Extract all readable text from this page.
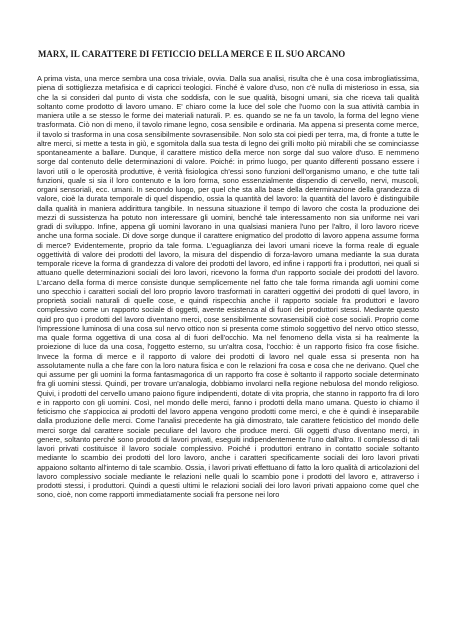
MARX, IL CARATTERE DI FETICCIO DELLA MERCE E IL SUO ARCANO

A prima vista, una merce sembra una cosa triviale, ovvia. Dalla sua analisi, risulta che è una cosa imbrogliatissima, piena di sottigliezza metafisica e di capricci teologici. Finché è valore d'uso, non c'è nulla di misterioso in essa, sia che la si consideri dal punto di vista che soddisfa, con le sue qualità, bisogni umani, sia che riceva tali qualità soltanto come prodotto di lavoro umano. E' chiaro come la luce del sole che l'uomo con la sua attività cambia in maniera utile a se stesso le forme dei materiali naturali. P. es. quando se ne fa un tavolo, la forma del legno viene trasformata. Ciò non di meno, il tavolo rimane legno, cosa sensibile e ordinaria. Ma appena si presenta come merce, il tavolo si trasforma in una cosa sensibilmente sovrasensibile. Non solo sta coi piedi per terra, ma, di fronte a tutte le altre merci, si mette a testa in giù, e sgomitola dalla sua testa di legno dei grilli molto più mirabili che se cominciasse spontaneamente a ballare. Dunque, il carattere mistico della merce non sorge dal suo valore d'uso. E nemmeno sorge dal contenuto delle determinazioni di valore. Poiché: in primo luogo, per quanto differenti possano essere i lavori utili o le operosità produttive, è verità fisiologica ch'essi sono funzioni dell'organismo umano, e che tutte tali funzioni, quale si sia il loro contenuto e la loro forma, sono essenzialmente dispendio di cervello, nervi, muscoli, organi sensoriali, ecc. umani. In secondo luogo, per quel che sta alla base della determinazione della grandezza di valore, cioè la durata temporale di quel dispendio, ossia la quantità del lavoro: la quantità del lavoro è distinguibile dalla qualità in maniera addirittura tangibile. In nessuna situazione il tempo di lavoro che costa la produzione dei mezzi di sussistenza ha potuto non interessare gli uomini, benché tale interessamento non sia uniforme nei vari gradi di sviluppo. Infine, appena gli uomini lavorano in una qualsiasi maniera l'uno per l'altro, il loro lavoro riceve anche una forma sociale. Di dove sorge dunque il carattere enigmatico del prodotto di lavoro appena assume forma di merce? Evidentemente, proprio da tale forma. L'eguaglianza dei lavori umani riceve la forma reale di eguale oggettività di valore dei prodotti del lavoro, la misura del dispendio di forza-lavoro umana mediante la sua durata temporale riceve la forma di grandezza di valore dei prodotti del lavoro, ed infine i rapporti fra i produttori, nei quali si attuano quelle determinazioni sociali dei loro lavori, ricevono la forma d'un rapporto sociale dei prodotti del lavoro. L'arcano della forma di merce consiste dunque semplicemente nel fatto che tale forma rimanda agli uomini come uno specchio i caratteri sociali del loro proprio lavoro trasformati in caratteri oggettivi dei prodotti di quel lavoro, in proprietà sociali naturali di quelle cose, e quindi rispecchia anche il rapporto sociale fra produttori e lavoro complessivo come un rapporto sociale di oggetti, avente esistenza al di fuori dei produttori stessi. Mediante questo quid pro quo i prodotti del lavoro diventano merci, cose sensibilmente sovrasensibili cioè cose sociali. Proprio come l'impressione luminosa di una cosa sul nervo ottico non si presenta come stimolo soggettivo del nervo ottico stesso, ma quale forma oggettiva di una cosa al di fuori dell'occhio. Ma nel fenomeno della vista si ha realmente la proiezione di luce da una cosa, l'oggetto esterno, su un'altra cosa, l'occhio: è un rapporto fisico fra cose fisiche. Invece la forma di merce e il rapporto di valore dei prodotti di lavoro nel quale essa si presenta non ha assolutamente nulla a che fare con la loro natura fisica e con le relazioni fra cosa e cosa che ne derivano. Quel che qui assume per gli uomini la forma fantasmagorica di un rapporto fra cose è soltanto il rapporto sociale determinato fra gli uomini stessi. Quindi, per trovare un'analogia, dobbiamo involarci nella regione nebulosa del mondo religioso. Quivi, i prodotti del cervello umano paiono figure indipendenti, dotate di vita propria, che stanno in rapporto fra di loro e in rapporto con gli uomini. Così, nel mondo delle merci, fanno i prodotti della mano umana. Questo io chiamo il feticismo che s'appiccica ai prodotti del lavoro appena vengono prodotti come merci, e che è quindi è inseparabile dalla produzione delle merci. Come l'analisi precedente ha già dimostrato, tale carattere feticistico del mondo delle merci sorge dal carattere sociale peculiare del lavoro che produce merci. Gli oggetti d'uso diventano merci, in genere, soltanto perché sono prodotti di lavori privati, eseguiti indipendentemente l'uno dall'altro. Il complesso di tali lavori privati costituisce il lavoro sociale complessivo. Poiché i produttori entrano in contatto sociale soltanto mediante lo scambio dei prodotti del loro lavoro, anche i caratteri specificamente sociali dei loro lavori privati appaiono soltanto all'interno di tale scambio. Ossia, i lavori privati effettuano di fatto la loro qualità di articolazioni del lavoro complessivo sociale mediante le relazioni nelle quali lo scambio pone i prodotti del lavoro e, attraverso i prodotti stessi, i produttori. Quindi a questi ultimi le relazioni sociali dei loro lavori privati appaiono come quel che sono, cioè, non come rapporti immediatamente sociali fra persone nei loro
